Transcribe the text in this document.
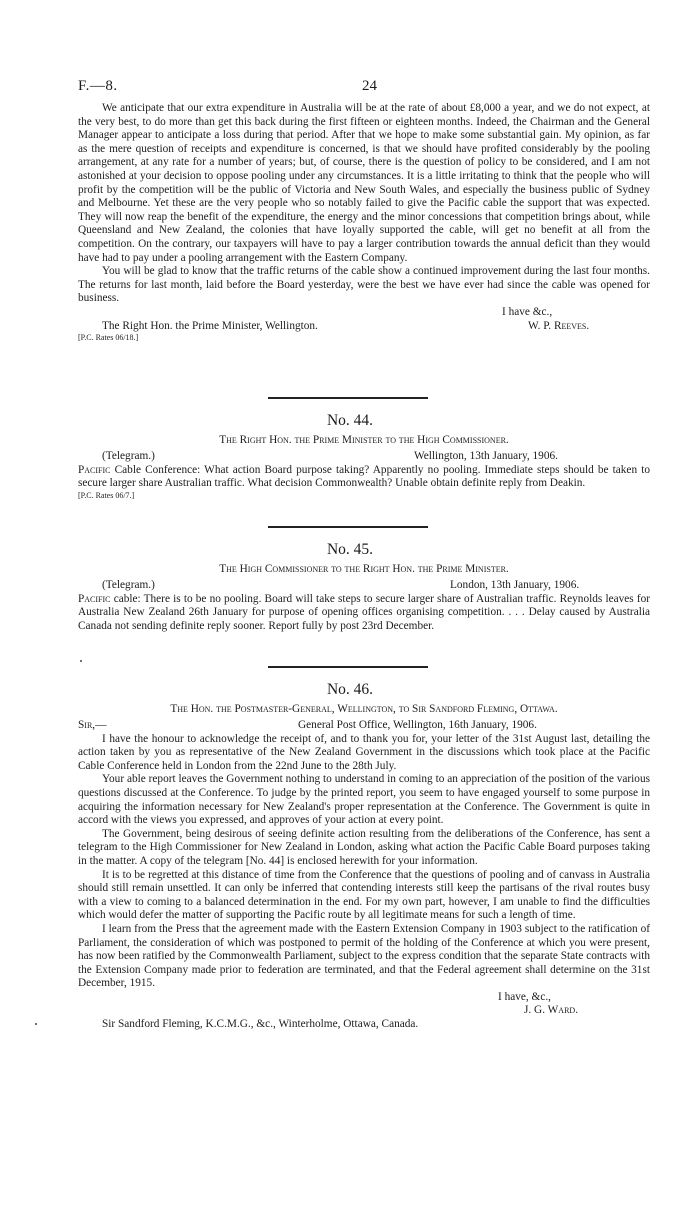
F.—8.	24

We anticipate that our extra expenditure in Australia will be at the rate of about £8,000 a year, and we do not expect, at the very best, to do more than get this back during the first fifteen or eighteen months. Indeed, the Chairman and the General Manager appear to anticipate a loss during that period. After that we hope to make some substantial gain. My opinion, as far as the mere question of receipts and expenditure is concerned, is that we should have profited considerably by the pooling arrangement, at any rate for a number of years; but, of course, there is the question of policy to be considered, and I am not astonished at your decision to oppose pooling under any circumstances. It is a little irritating to think that the people who will profit by the competition will be the public of Victoria and New South Wales, and especially the business public of Sydney and Melbourne. Yet these are the very people who so notably failed to give the Pacific cable the support that was expected. They will now reap the benefit of the expenditure, the energy and the minor concessions that competition brings about, while Queensland and New Zealand, the colonies that have loyally supported the cable, will get no benefit at all from the competition. On the contrary, our taxpayers will have to pay a larger contribution towards the annual deficit than they would have had to pay under a pooling arrangement with the Eastern Company.

You will be glad to know that the traffic returns of the cable show a continued improvement during the last four months. The returns for last month, laid before the Board yesterday, were the best we have ever had since the cable was opened for business.

I have &c.,
The Right Hon. the Prime Minister, Wellington.	W. P. Reeves.
[P.C. Rates 06/18.]
No. 44.
The Right Hon. the Prime Minister to the High Commissioner.
(Telegram.)	Wellington, 13th January, 1906.

Pacific Cable Conference: What action Board purpose taking? Apparently no pooling. Immediate steps should be taken to secure larger share Australian traffic. What decision Commonwealth? Unable obtain definite reply from Deakin.

[P.C. Rates 06/7.]
No. 45.
The High Commissioner to the Right Hon. the Prime Minister.
(Telegram.)	London, 13th January, 1906.

Pacific cable: There is to be no pooling. Board will take steps to secure larger share of Australian traffic. Reynolds leaves for Australia New Zealand 26th January for purpose of opening offices organising competition. . . . Delay caused by Australia Canada not sending definite reply sooner. Report fully by post 23rd December.

No. 46.
The Hon. the Postmaster-General, Wellington, to Sir Sandford Fleming, Ottawa.
Sir,—	General Post Office, Wellington, 16th January, 1906.

I have the honour to acknowledge the receipt of, and to thank you for, your letter of the 31st August last, detailing the action taken by you as representative of the New Zealand Government in the discussions which took place at the Pacific Cable Conference held in London from the 22nd June to the 28th July.

Your able report leaves the Government nothing to understand in coming to an appreciation of the position of the various questions discussed at the Conference. To judge by the printed report, you seem to have engaged yourself to some purpose in acquiring the information necessary for New Zealand's proper representation at the Conference. The Government is quite in accord with the views you expressed, and approves of your action at every point.

The Government, being desirous of seeing definite action resulting from the deliberations of the Conference, has sent a telegram to the High Commissioner for New Zealand in London, asking what action the Pacific Cable Board purposes taking in the matter. A copy of the telegram [No. 44] is enclosed herewith for your information.

It is to be regretted at this distance of time from the Conference that the questions of pooling and of canvass in Australia should still remain unsettled. It can only be inferred that contending interests still keep the partisans of the rival routes busy with a view to coming to a balanced determination in the end. For my own part, however, I am unable to find the difficulties which would defer the matter of supporting the Pacific route by all legitimate means for such a length of time.

I learn from the Press that the agreement made with the Eastern Extension Company in 1903 subject to the ratification of Parliament, the consideration of which was postponed to permit of the holding of the Conference at which you were present, has now been ratified by the Commonwealth Parliament, subject to the express condition that the separate State contracts with the Extension Company made prior to federation are terminated, and that the Federal agreement shall determine on the 31st December, 1915.

I have, &c.,
J. G. Ward.
Sir Sandford Fleming, K.C.M.G., &c., Winterholme, Ottawa, Canada.
